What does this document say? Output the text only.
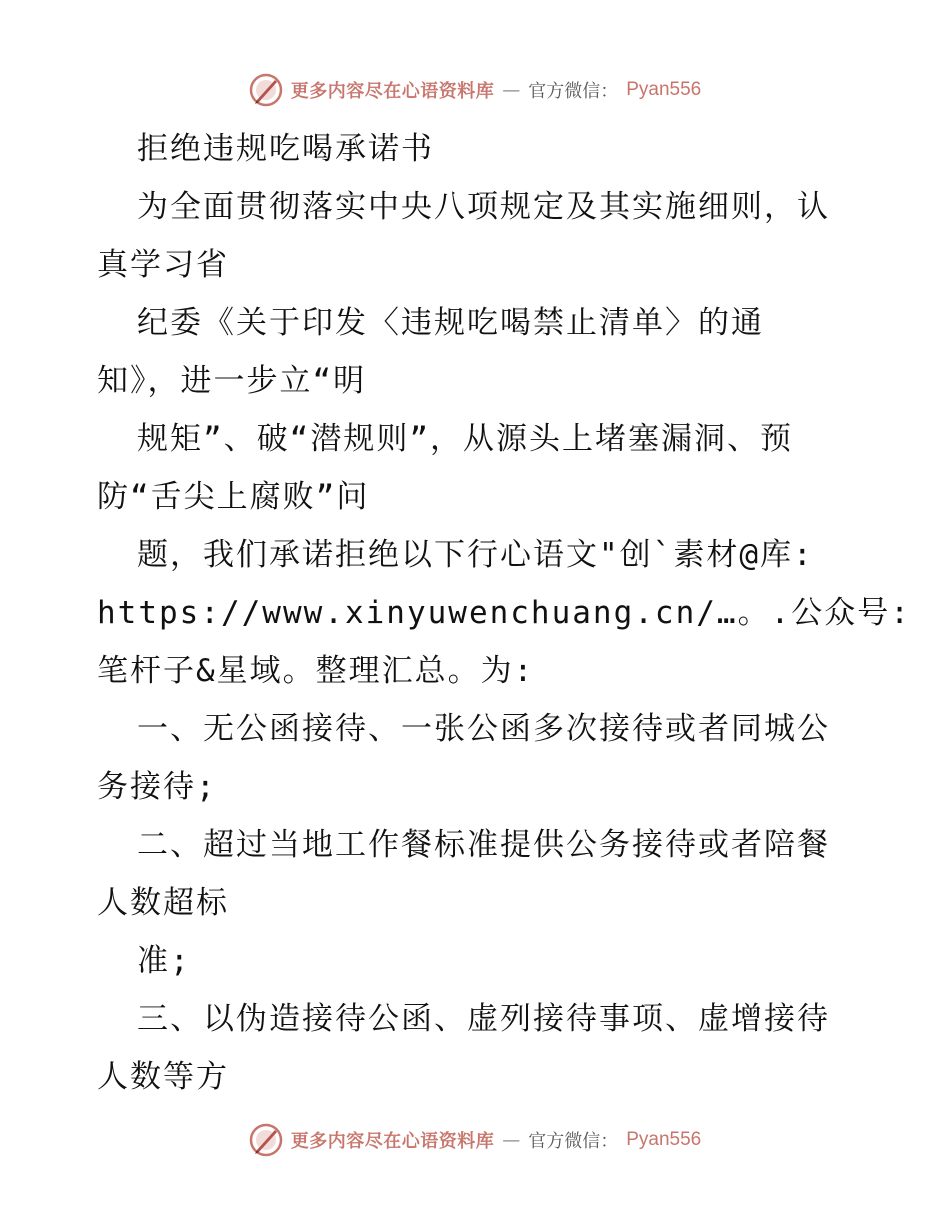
更多内容尽在心语资料库 — 官方微信： Pyan556
拒绝违规吃喝承诺书
为全面贯彻落实中央八项规定及其实施细则，认
真学习省
纪委《关于印发〈违规吃喝禁止清单〉的通
知》，进一步立“明
规矩”、破“潜规则”，从源头上堵塞漏洞、预
防“舌尖上腐败”问
题，我们承诺拒绝以下行心语文"创`素材@库:
https://www.xinyuwenchuang.cn/…。.公众号:
笔杆子&星域。整理汇总。为:
一、无公函接待、一张公函多次接待或者同城公
务接待;
二、超过当地工作餐标准提供公务接待或者陪餐
人数超标
准;
三、以伪造接待公函、虚列接待事项、虚增接待
人数等方
更多内容尽在心语资料库 — 官方微信： Pyan556
